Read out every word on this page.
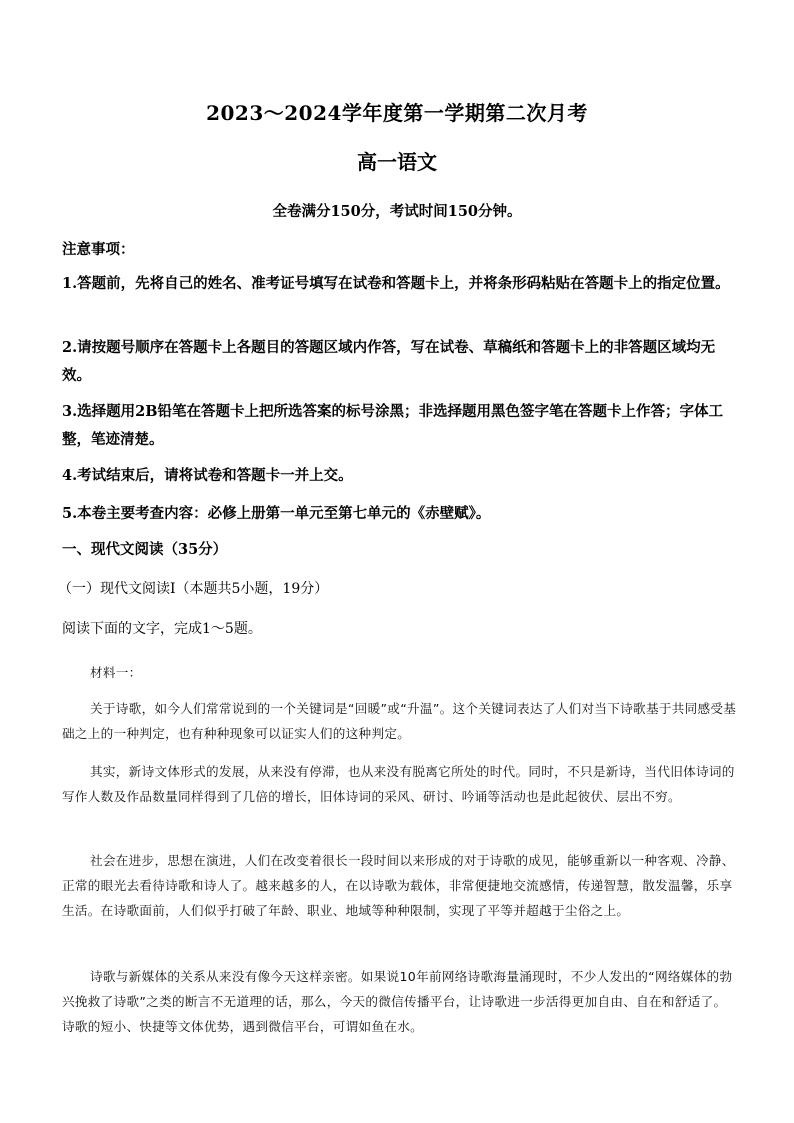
2023～2024学年度第一学期第二次月考
高一语文
全卷满分150分，考试时间150分钟。
注意事项：
1.答题前，先将自己的姓名、准考证号填写在试卷和答题卡上，并将条形码粘贴在答题卡上的指定位置。
2.请按题号顺序在答题卡上各题目的答题区域内作答，写在试卷、草稿纸和答题卡上的非答题区域均无效。
3.选择题用2B铅笔在答题卡上把所选答案的标号涂黑；非选择题用黑色签字笔在答题卡上作答；字体工整，笔迹清楚。
4.考试结束后，请将试卷和答题卡一并上交。
5.本卷主要考查内容：必修上册第一单元至第七单元的《赤壁赋》。
一、现代文阅读（35分）
（一）现代文阅读Ⅰ（本题共5小题，19分）
阅读下面的文字，完成1～5题。
材料一：
关于诗歌，如今人们常常说到的一个关键词是“回暖”或“升温”。这个关键词表达了人们对当下诗歌基于共同感受基础之上的一种判定，也有种种现象可以证实人们的这种判定。
其实，新诗文体形式的发展，从来没有停滞，也从来没有脱离它所处的时代。同时，不只是新诗，当代旧体诗词的写作人数及作品数量同样得到了几倍的增长，旧体诗词的采风、研讨、吟诵等活动也是此起彼伏、层出不穷。
社会在进步，思想在演进，人们在改变着很长一段时间以来形成的对于诗歌的成见，能够重新以一种客观、冷静、正常的眼光去看待诗歌和诗人了。越来越多的人，在以诗歌为载体，非常便捷地交流感情，传递智慧，散发温馨，乐享生活。在诗歌面前，人们似乎打破了年龄、职业、地域等种种限制，实现了平等并超越于尘俗之上。
诗歌与新媒体的关系从来没有像今天这样亲密。如果说10年前网络诗歌海量涌现时，不少人发出的“网络媒体的勃兴挽救了诗歌”之类的断言不无道理的话，那么，今天的微信传播平台，让诗歌进一步活得更加自由、自在和舒适了。诗歌的短小、快捷等文体优势，遇到微信平台，可谓如鱼在水。
